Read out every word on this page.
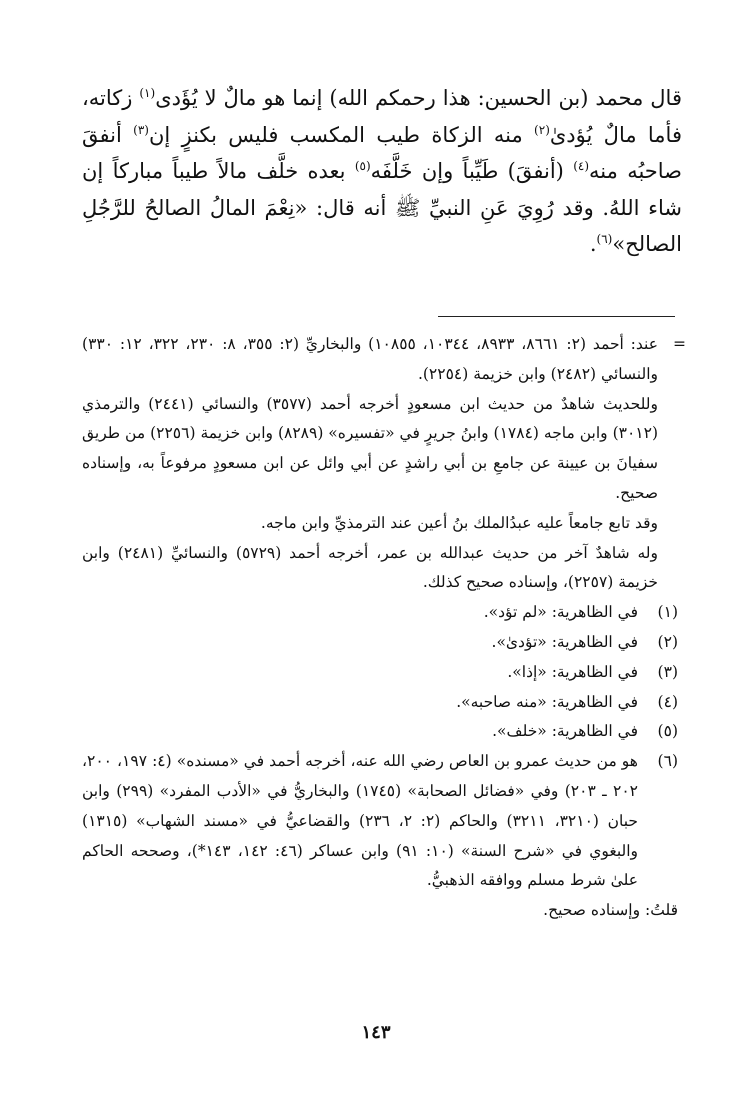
قال محمد (بن الحسين: هذا رحمكم الله) إنما هو مالٌ لا يُؤَدى$^{(١)}$ زكاته، فأما مالٌ يُؤدىٰ$^{(٢)}$ منه الزكاة طيب المكسب فليس بكنزٍ إن$^{(٣)}$ أنفقَ صاحبُه منه$^{(٤)}$ (أنفقَ) طَيِّباً وإن خَلَّفَه$^{(٥)}$ بعده خلَّف مالاً طيباً مباركاً إن شاء اللهُ. وقد رُوِيَ عَنِ النبيِّ ﷺ أنه قال: «نِعْمَ المالُ الصالحُ للرَّجُلِ الصالح»$^{(٦)}$.

=

عند: أحمد (٢: ٨٦٦١، ٨٩٣٣، ١٠٣٤٤، ١٠٨٥٥) والبخاريِّ (٢: ٣٥٥، ٨: ٢٣٠، ٣٢٢، ١٢: ٣٣٠) والنسائي (٢٤٨٢) وابن خزيمة (٢٢٥٤).

وللحديث شاهدٌ من حديث ابن مسعودٍ أخرجه أحمد (٣٥٧٧) والنسائي (٢٤٤١) والترمذي (٣٠١٢) وابن ماجه (١٧٨٤) وابنُ جريرٍ في «تفسيره» (٨٢٨٩) وابن خزيمة (٢٢٥٦) من طريق سفيانَ بن عيينة عن جامعِ بن أبي راشدٍ عن أبي وائل عن ابن مسعودٍ مرفوعاً به، وإسناده صحيح.

وقد تابع جامعاً عليه عبدُالملك بنُ أعين عند الترمذيِّ وابن ماجه.

وله شاهدٌ آخر من حديث عبدالله بن عمر، أخرجه أحمد (٥٧٢٩) والنسائيِّ (٢٤٨١) وابن خزيمة (٢٢٥٧)، وإسناده صحيح كذلك.

(١)
في الظاهرية: «لم تؤد».

(٢)
في الظاهرية: «تؤدىٰ».

(٣)
في الظاهرية: «إذا».

(٤)
في الظاهرية: «منه صاحبه».

(٥)
في الظاهرية: «خلف».

(٦)
هو من حديث عمرو بن العاص رضي الله عنه، أخرجه أحمد في «مسنده» (٤: ١٩٧، ٢٠٠، ٢٠٢ ـ ٢٠٣) وفي «فضائل الصحابة» (١٧٤٥) والبخاريُّ في «الأدب المفرد» (٢٩٩) وابن حبان (٣٢١٠، ٣٢١١) والحاكم (٢: ٢، ٢٣٦) والقضاعيُّ في «مسند الشهاب» (١٣١٥) والبغوي في «شرح السنة» (١٠: ٩١) وابن عساكر (٤٦: ١٤٢، ١٤٣*)، وصححه الحاكم علىٰ شرط مسلم ووافقه الذهبيُّ.

قلتُ: وإسناده صحيح.

١٤٣
